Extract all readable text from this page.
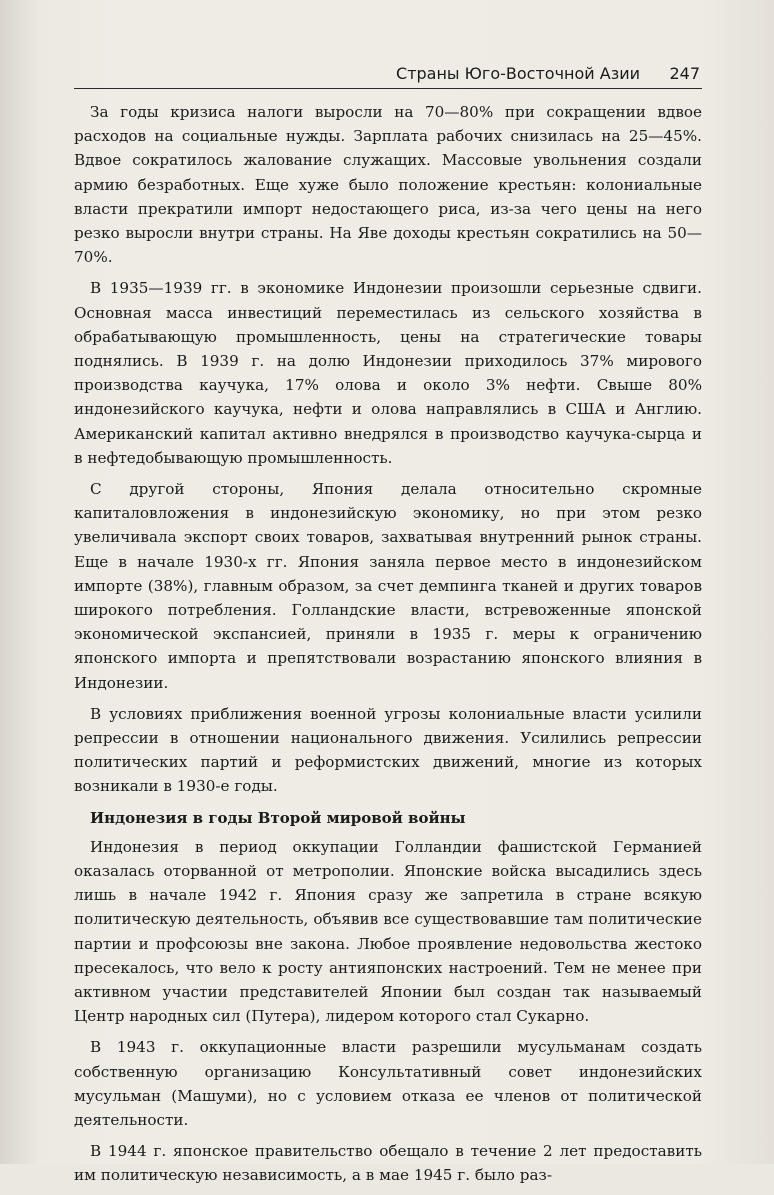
Страны Юго-Восточной Азии 247

За годы кризиса налоги выросли на 70—80% при сокращении вдвое расходов на социальные нужды. Зарплата рабочих снизилась на 25—45%. Вдвое сократилось жалование служащих. Массовые увольнения создали армию безработных. Еще хуже было положение крестьян: колониальные власти прекратили импорт недостающего риса, из-за чего цены на него резко выросли внутри страны. На Яве доходы крестьян сократились на 50—70%.

В 1935—1939 гг. в экономике Индонезии произошли серьезные сдвиги. Основная масса инвестиций переместилась из сельского хозяйства в обрабатывающую промышленность, цены на стратегические товары поднялись. В 1939 г. на долю Индонезии приходилось 37% мирового производства каучука, 17% олова и около 3% нефти. Свыше 80% индонезийского каучука, нефти и олова направлялись в США и Англию. Американский капитал активно внедрялся в производство каучука-сырца и в нефтедобывающую промышленность.

С другой стороны, Япония делала относительно скромные капиталовложения в индонезийскую экономику, но при этом резко увеличивала экспорт своих товаров, захватывая внутренний рынок страны. Еще в начале 1930-х гг. Япония заняла первое место в индонезийском импорте (38%), главным образом, за счет демпинга тканей и других товаров широкого потребления. Голландские власти, встревоженные японской экономической экспансией, приняли в 1935 г. меры к ограничению японского импорта и препятствовали возрастанию японского влияния в Индонезии.

В условиях приближения военной угрозы колониальные власти усилили репрессии в отношении национального движения. Усилились репрессии политических партий и реформистских движений, многие из которых возникали в 1930-е годы.

Индонезия в годы Второй мировой войны

Индонезия в период оккупации Голландии фашистской Германией оказалась оторванной от метрополии. Японские войска высадились здесь лишь в начале 1942 г. Япония сразу же запретила в стране всякую политическую деятельность, объявив все существовавшие там политические партии и профсоюзы вне закона. Любое проявление недовольства жестоко пресекалось, что вело к росту антияпонских настроений. Тем не менее при активном участии представителей Японии был создан так называемый Центр народных сил (Путера), лидером которого стал Сукарно.

В 1943 г. оккупационные власти разрешили мусульманам создать собственную организацию Консультативный совет индонезийских мусульман (Машуми), но с условием отказа ее членов от политической деятельности.

В 1944 г. японское правительство обещало в течение 2 лет предоставить им политическую независимость, а в мае 1945 г. было раз-
